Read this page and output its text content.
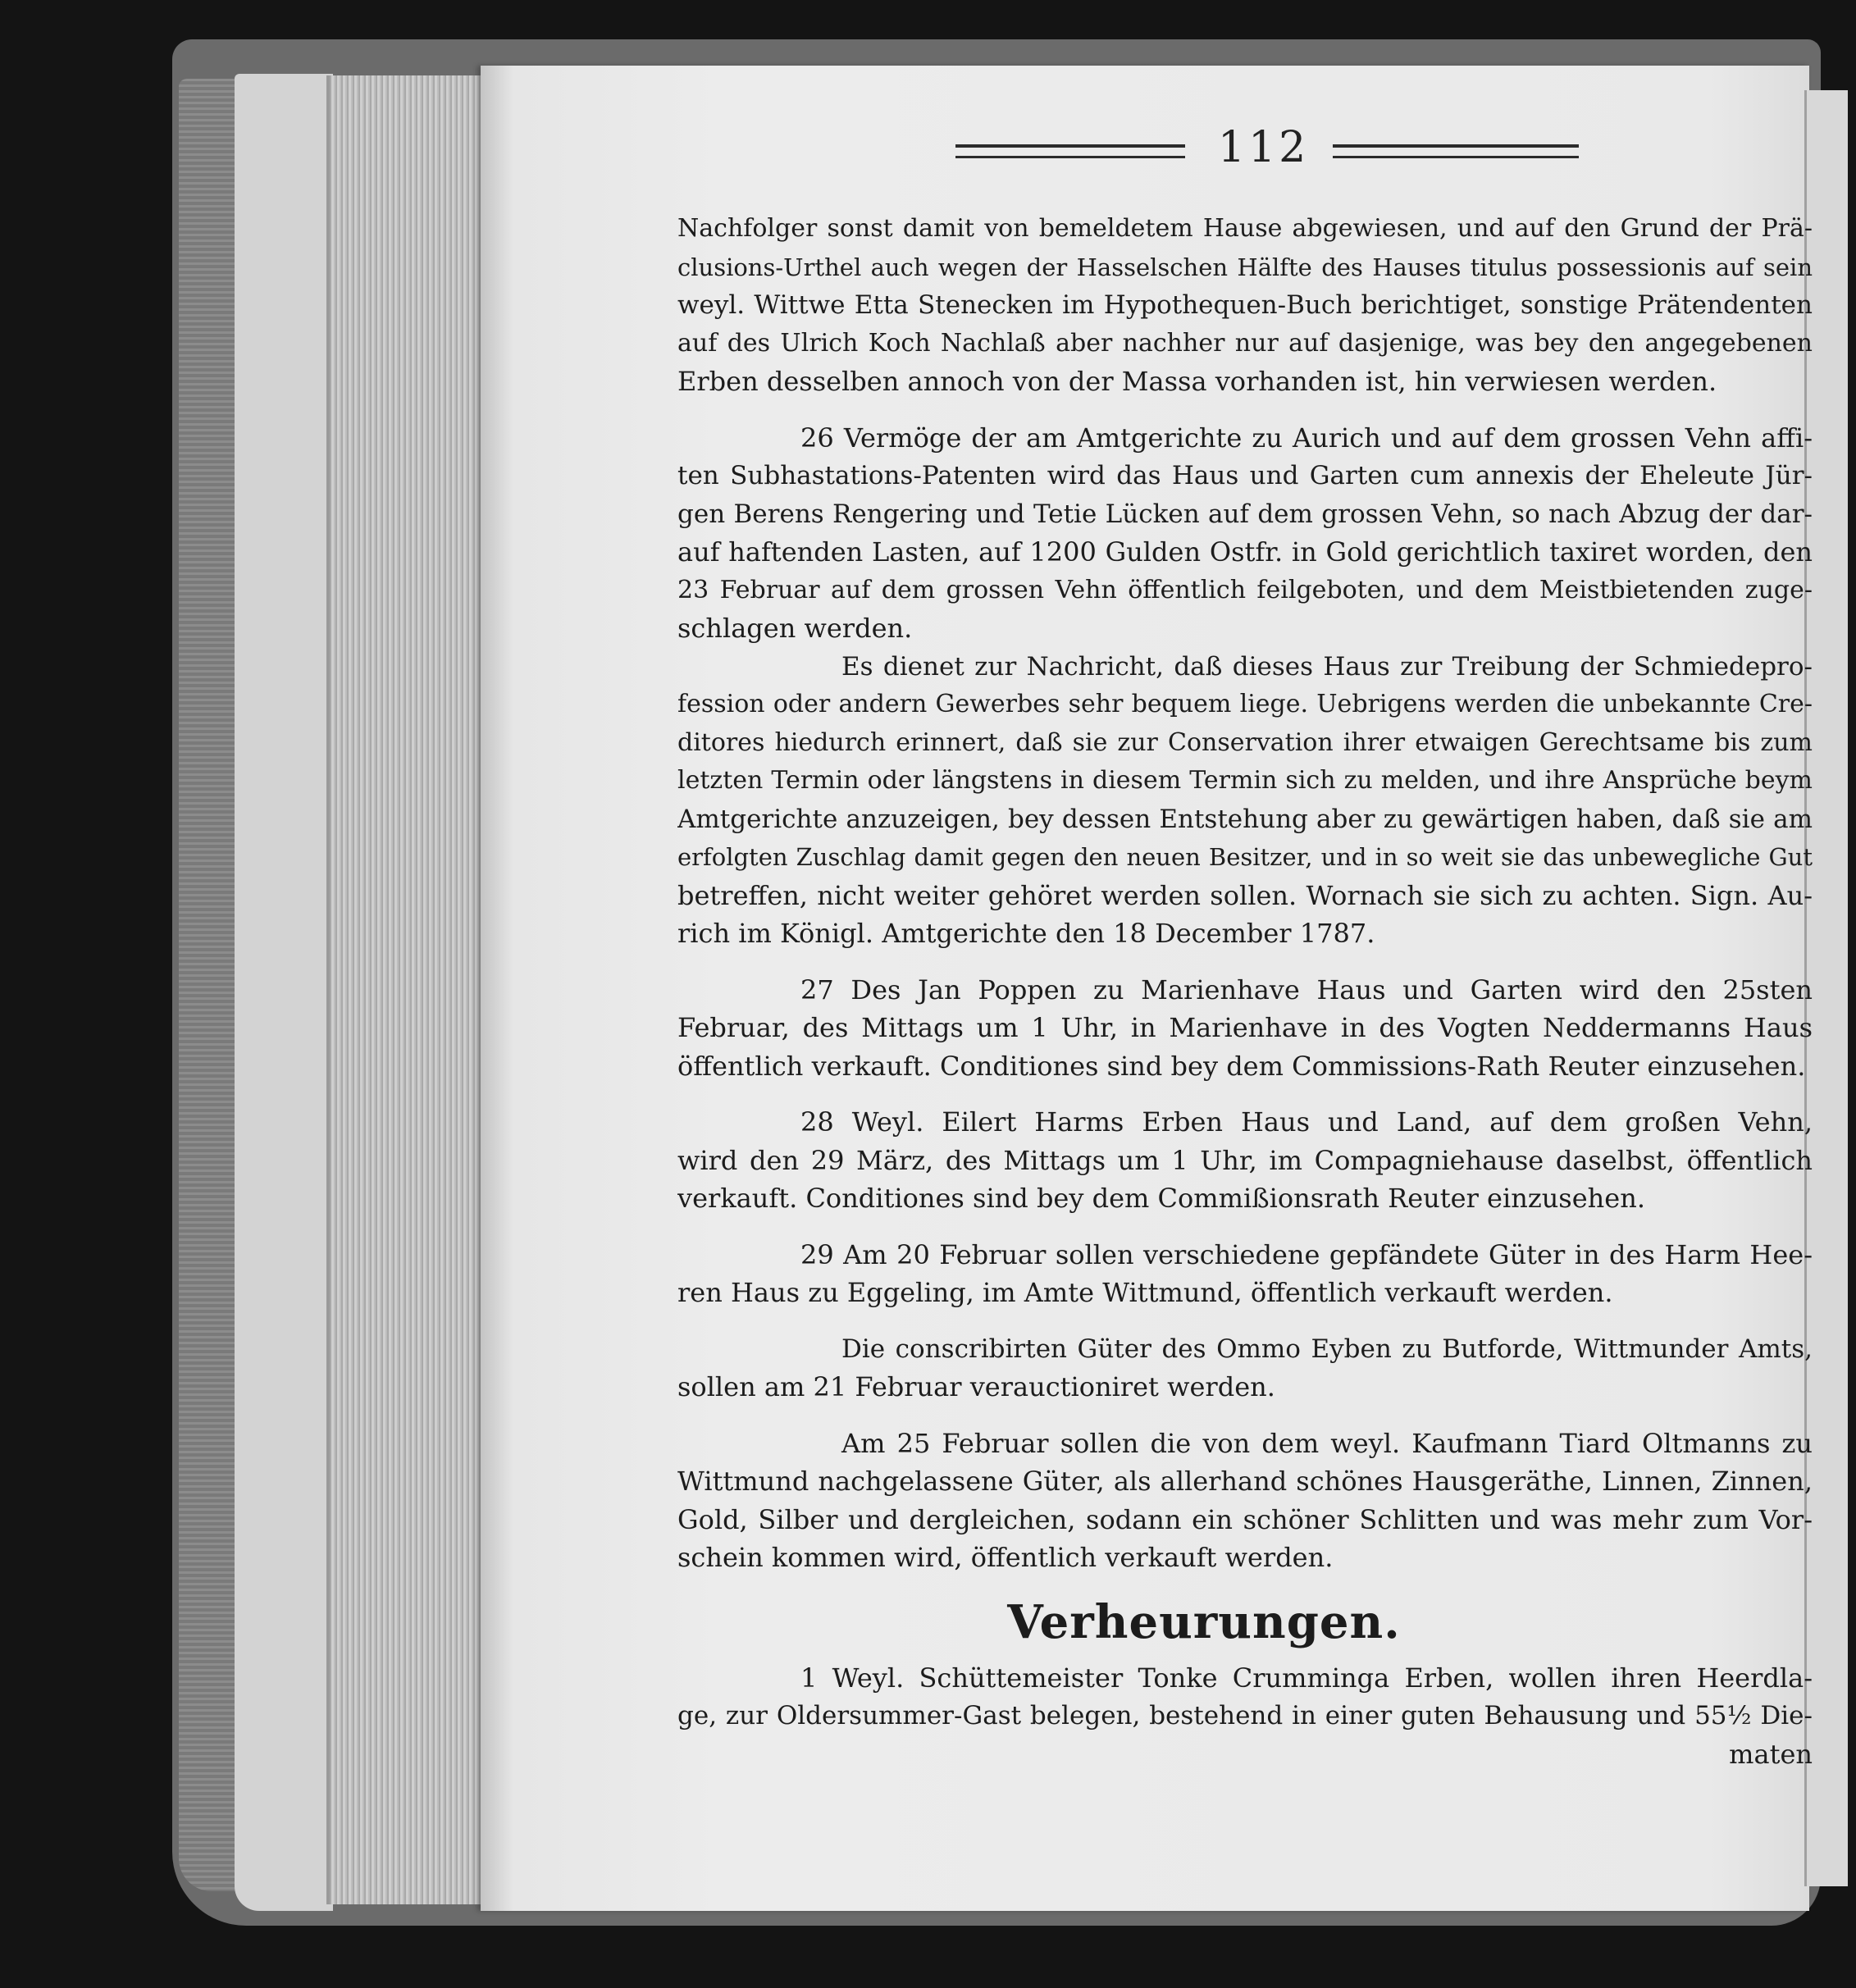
112
Nachfolger sonst damit von bemeldetem Hause abgewiesen, und auf den Grund der Prä-
clusions-Urthel auch wegen der Hasselschen Hälfte des Hauses titulus possessionis auf sein
weyl. Wittwe Etta Stenecken im Hypothequen-Buch berichtiget, sonstige Prätendenten
auf des Ulrich Koch Nachlaß aber nachher nur auf dasjenige, was bey den angegebenen
Erben desselben annoch von der Massa vorhanden ist, hin verwiesen werden.
26 Vermöge der am Amtgerichte zu Aurich und auf dem grossen Vehn affi-
ten Subhastations-Patenten wird das Haus und Garten cum annexis der Eheleute Jür-
gen Berens Rengering und Tetie Lücken auf dem grossen Vehn, so nach Abzug der dar-
auf haftenden Lasten, auf 1200 Gulden Ostfr. in Gold gerichtlich taxiret worden, den
23 Februar auf dem grossen Vehn öffentlich feilgeboten, und dem Meistbietenden zuge-
schlagen werden.
Es dienet zur Nachricht, daß dieses Haus zur Treibung der Schmiedepro-
fession oder andern Gewerbes sehr bequem liege. Uebrigens werden die unbekannte Cre-
ditores hiedurch erinnert, daß sie zur Conservation ihrer etwaigen Gerechtsame bis zum
letzten Termin oder längstens in diesem Termin sich zu melden, und ihre Ansprüche beym
Amtgerichte anzuzeigen, bey dessen Entstehung aber zu gewärtigen haben, daß sie am
erfolgten Zuschlag damit gegen den neuen Besitzer, und in so weit sie das unbewegliche Gut
betreffen, nicht weiter gehöret werden sollen. Wornach sie sich zu achten. Sign. Au-
rich im Königl. Amtgerichte den 18 December 1787.
27 Des Jan Poppen zu Marienhave Haus und Garten wird den 25sten
Februar, des Mittags um 1 Uhr, in Marienhave in des Vogten Neddermanns Haus
öffentlich verkauft. Conditiones sind bey dem Commissions-Rath Reuter einzusehen.
28 Weyl. Eilert Harms Erben Haus und Land, auf dem großen Vehn,
wird den 29 März, des Mittags um 1 Uhr, im Compagniehause daselbst, öffentlich
verkauft. Conditiones sind bey dem Commißionsrath Reuter einzusehen.
29 Am 20 Februar sollen verschiedene gepfändete Güter in des Harm Hee-
ren Haus zu Eggeling, im Amte Wittmund, öffentlich verkauft werden.
Die conscribirten Güter des Ommo Eyben zu Butforde, Wittmunder Amts,
sollen am 21 Februar verauctioniret werden.
Am 25 Februar sollen die von dem weyl. Kaufmann Tiard Oltmanns zu
Wittmund nachgelassene Güter, als allerhand schönes Hausgeräthe, Linnen, Zinnen,
Gold, Silber und dergleichen, sodann ein schöner Schlitten und was mehr zum Vor-
schein kommen wird, öffentlich verkauft werden.
Verheurungen.
1 Weyl. Schüttemeister Tonke Crumminga Erben, wollen ihren Heerdla-
ge, zur Oldersummer-Gast belegen, bestehend in einer guten Behausung und 55½ Die-
maten
